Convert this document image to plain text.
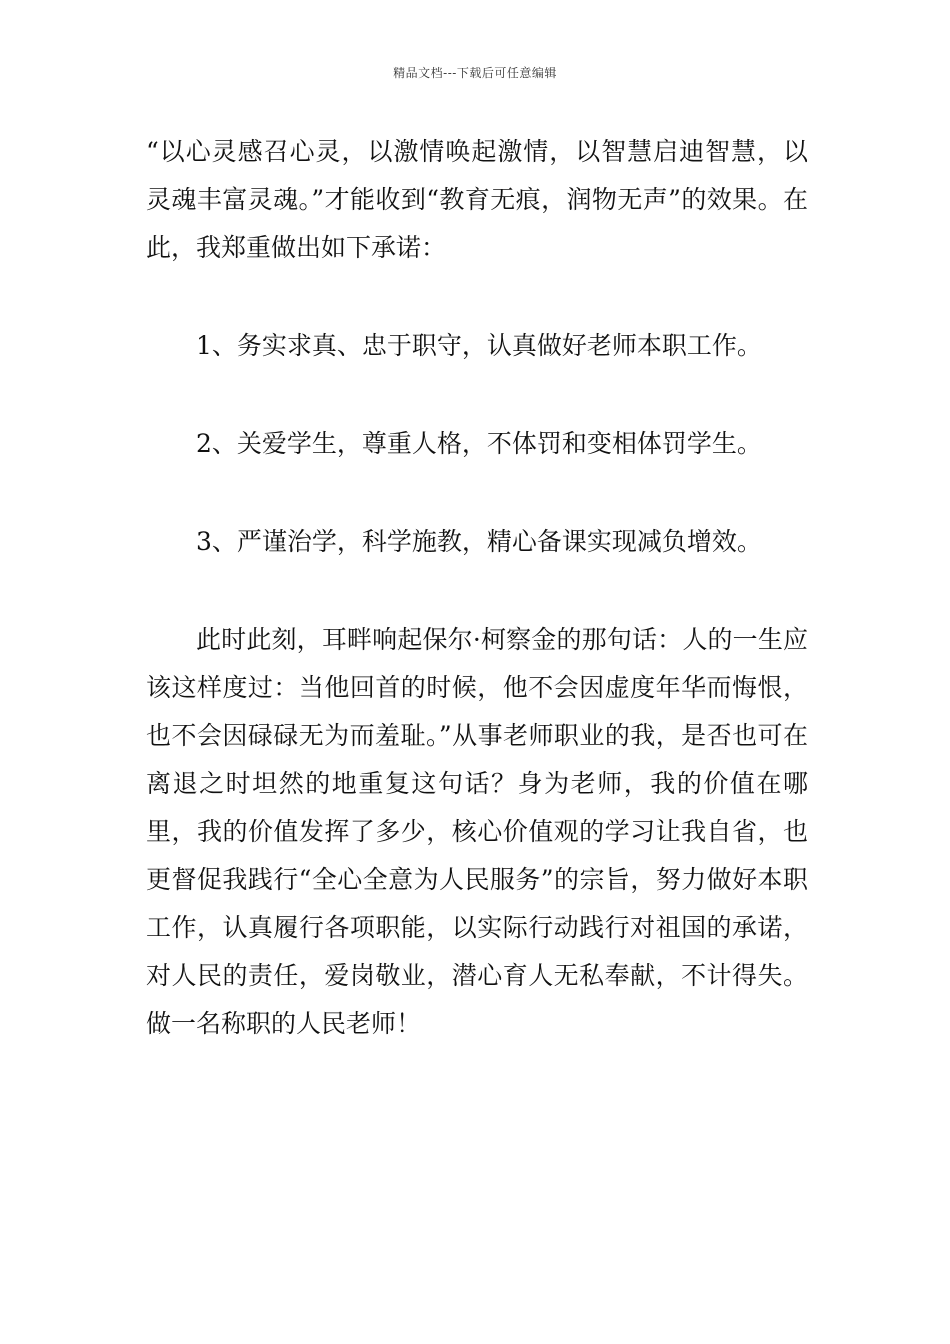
精品文档---下载后可任意编辑

“以心灵感召心灵，以激情唤起激情，以智慧启迪智慧，以灵魂丰富灵魂。”才能收到“教育无痕，润物无声”的效果。在此，我郑重做出如下承诺：

1、务实求真、忠于职守，认真做好老师本职工作。

2、关爱学生，尊重人格，不体罚和变相体罚学生。

3、严谨治学，科学施教，精心备课实现减负增效。

此时此刻，耳畔响起保尔·柯察金的那句话：人的一生应该这样度过：当他回首的时候，他不会因虚度年华而悔恨，也不会因碌碌无为而羞耻。”从事老师职业的我，是否也可在离退之时坦然的地重复这句话？身为老师，我的价值在哪里，我的价值发挥了多少，核心价值观的学习让我自省，也更督促我践行“全心全意为人民服务”的宗旨，努力做好本职工作，认真履行各项职能，以实际行动践行对祖国的承诺，对人民的责任，爱岗敬业，潜心育人无私奉献，不计得失。做一名称职的人民老师！
